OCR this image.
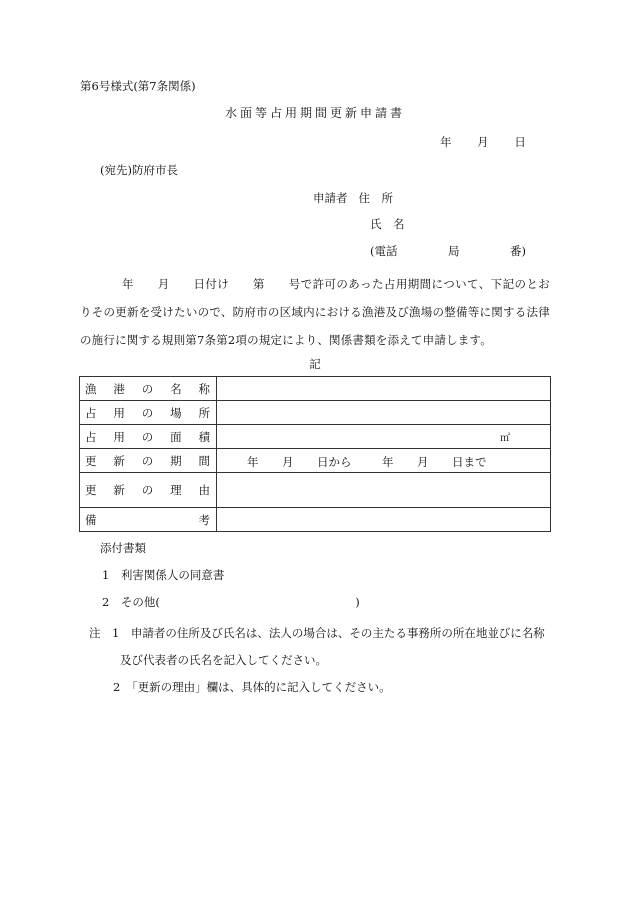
第6号様式(第7条関係)
水面等占用期間更新申請書
年 月 日
(宛先)防府市長
申請者 住　所
氏　名
(電話	局	番)

年　　月　　日付け　　第　　号で許可のあった占用期間について、下記のとおりその更新を受けたいので、防府市の区域内における漁港及び漁場の整備等に関する法律の施行に関する規則第7条第2項の規定により、関係書類を添えて申請します。

記
漁 港 の 名 称	

占 用 の 場 所	

占 用 の 面 積	㎡

更 新 の 期 間	年 月 日から 年 月 日まで

更 新 の 理 由	

備 考	

添付書類
1　利害関係人の同意書
2　その他(　　　　　　　　　　　　　　　　　)
注　1　申請者の住所及び氏名は、法人の場合は、その主たる事務所の所在地並びに名称
及び代表者の氏名を記入してください。
2　「更新の理由」欄は、具体的に記入してください。
